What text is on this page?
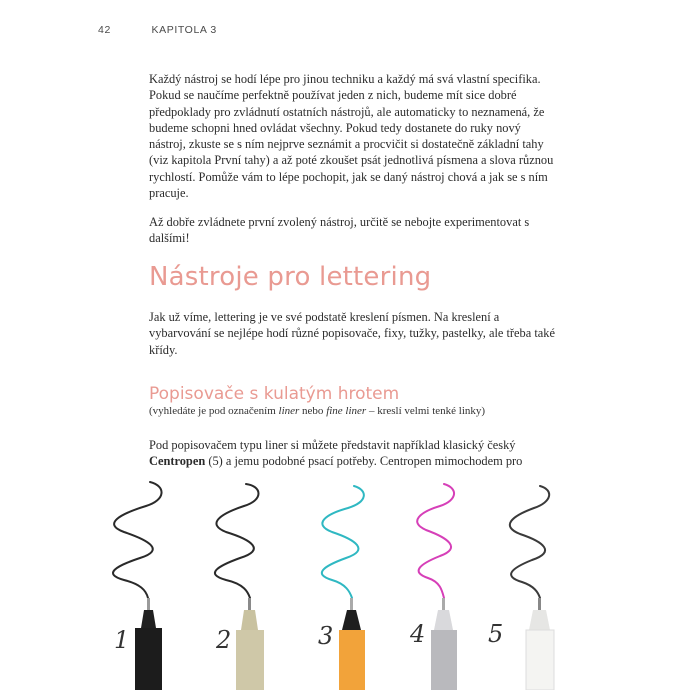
42	KAPITOLA 3
Každý nástroj se hodí lépe pro jinou techniku a každý má svá vlastní specifika. Pokud se naučíme perfektně používat jeden z nich, budeme mít sice dobré předpoklady pro zvládnutí ostatních nástrojů, ale automaticky to neznamená, že budeme schopni hned ovládat všechny. Pokud tedy dostanete do ruky nový nástroj, zkuste se s ním nejprve seznámit a procvičit si dostatečně základní tahy (viz kapitola První tahy) a až poté zkoušet psát jednotlivá písmena a slova různou rychlostí. Pomůže vám to lépe pochopit, jak se daný nástroj chová a jak se s ním pracuje.
Až dobře zvládnete první zvolený nástroj, určitě se nebojte experimentovat s dalšími!
Nástroje pro lettering
Jak už víme, lettering je ve své podstatě kreslení písmen. Na kreslení a vybarvování se nejlépe hodí různé popisovače, fixy, tužky, pastelky, ale třeba také křídy.
Popisovače s kulatým hrotem
(vyhledáte je pod označením liner nebo fine liner – kreslí velmi tenké linky)
Pod popisovačem typu liner si můžete představit například klasický český Centropen (5) a jemu podobné psací potřeby. Centropen mimochodem pro
1	2	3	4	5
